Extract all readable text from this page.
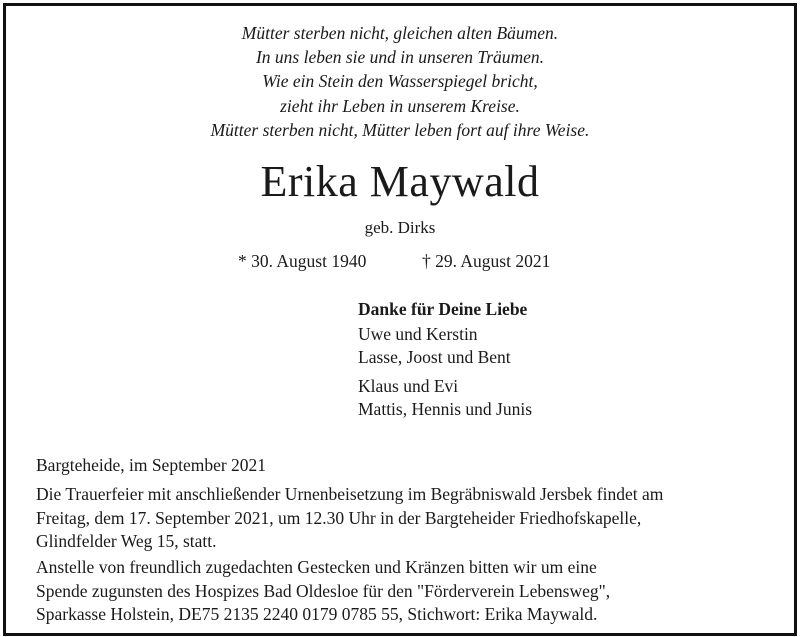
Mütter sterben nicht, gleichen alten Bäumen.
In uns leben sie und in unseren Träumen.
Wie ein Stein den Wasserspiegel bricht,
zieht ihr Leben in unserem Kreise.
Mütter sterben nicht, Mütter leben fort auf ihre Weise.
Erika Maywald
geb. Dirks
* 30. August 1940	† 29. August 2021
Danke für Deine Liebe
Uwe und Kerstin
Lasse, Joost und Bent
Klaus und Evi
Mattis, Hennis und Junis
Bargteheide, im September 2021
Die Trauerfeier mit anschließender Urnenbeisetzung im Begräbniswald Jersbek findet am
Freitag, dem 17. September 2021, um 12.30 Uhr in der Bargteheider Friedhofskapelle,
Glindfelder Weg 15, statt.
Anstelle von freundlich zugedachten Gestecken und Kränzen bitten wir um eine
Spende zugunsten des Hospizes Bad Oldesloe für den "Förderverein Lebensweg",
Sparkasse Holstein, DE75 2135 2240 0179 0785 55, Stichwort: Erika Maywald.
